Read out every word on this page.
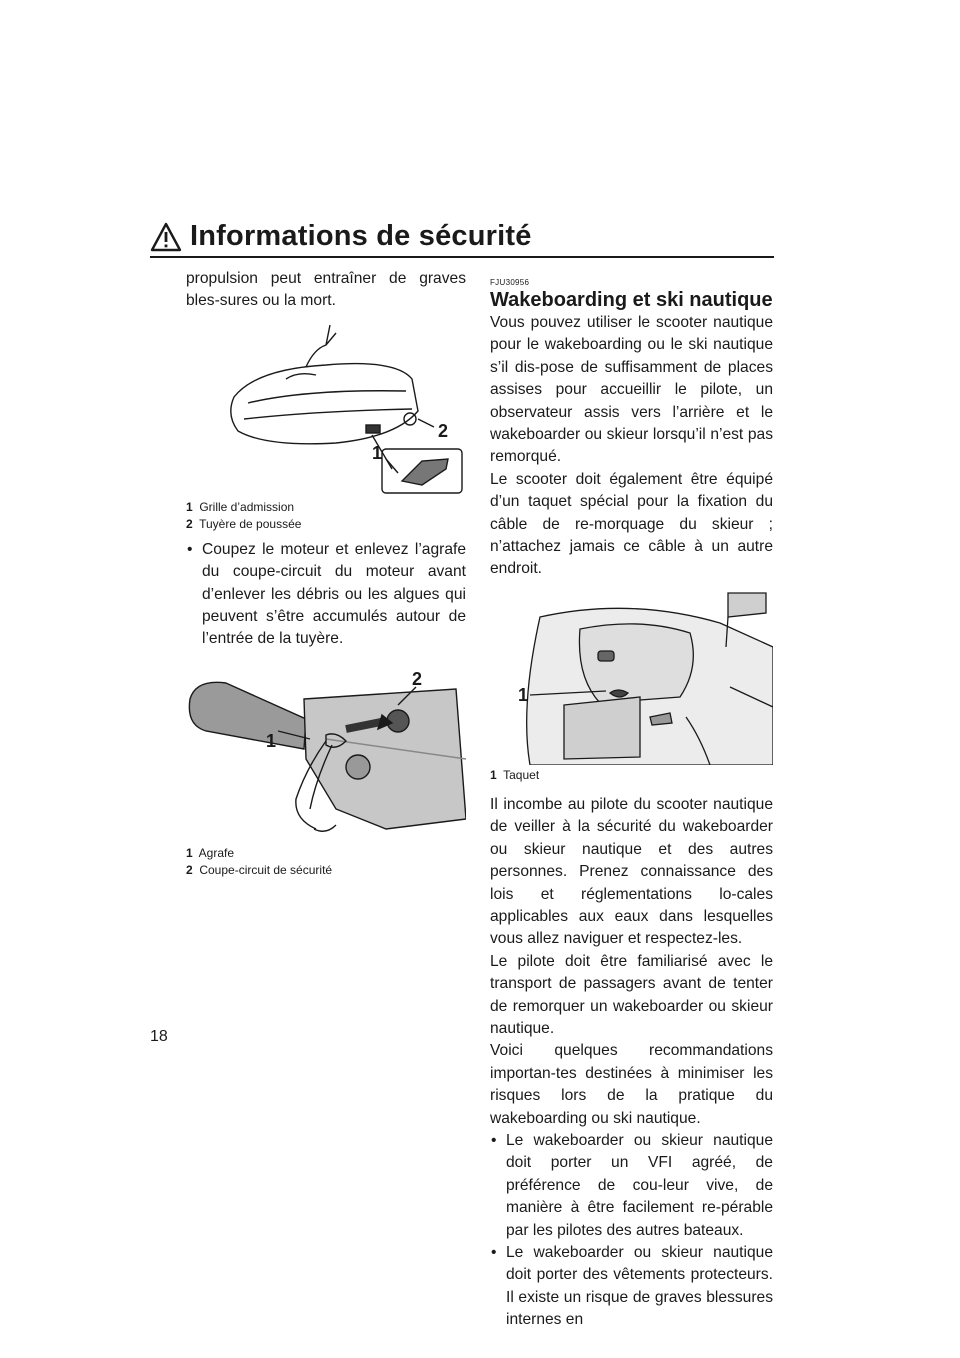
Informations de sécurité
18

propulsion peut entraîner de graves bles-sures ou la mort.

2
1

1 Grille d’admission

2 Tuyère de poussée

• Coupez le moteur et enlevez l’agrafe du coupe-circuit du moteur avant d’enlever les débris ou les algues qui peuvent s’être accumulés autour de l’entrée de la tuyère.
2
1

1 Agrafe

2 Coupe-circuit de sécurité

FJU30956

Wakeboarding et ski nautique

Vous pouvez utiliser le scooter nautique pour le wakeboarding ou le ski nautique s’il dis-pose de suffisamment de places assises pour accueillir le pilote, un observateur assis vers l’arrière et le wakeboarder ou skieur lorsqu’il n’est pas remorqué.

Le scooter doit également être équipé d’un taquet spécial pour la fixation du câble de re-morquage du skieur ; n’attachez jamais ce câble à un autre endroit.

1

1 Taquet

Il incombe au pilote du scooter nautique de veiller à la sécurité du wakeboarder ou skieur nautique et des autres personnes. Prenez connaissance des lois et réglementations lo-cales applicables aux eaux dans lesquelles vous allez naviguer et respectez-les.

Le pilote doit être familiarisé avec le transport de passagers avant de tenter de remorquer un wakeboarder ou skieur nautique.

Voici quelques recommandations importan-tes destinées à minimiser les risques lors de la pratique du wakeboarding ou ski nautique.

• Le wakeboarder ou skieur nautique doit porter un VFI agréé, de préférence de cou-leur vive, de manière à être facilement re-pérable par les pilotes des autres bateaux.
• Le wakeboarder ou skieur nautique doit porter des vêtements protecteurs. Il existe un risque de graves blessures internes en
